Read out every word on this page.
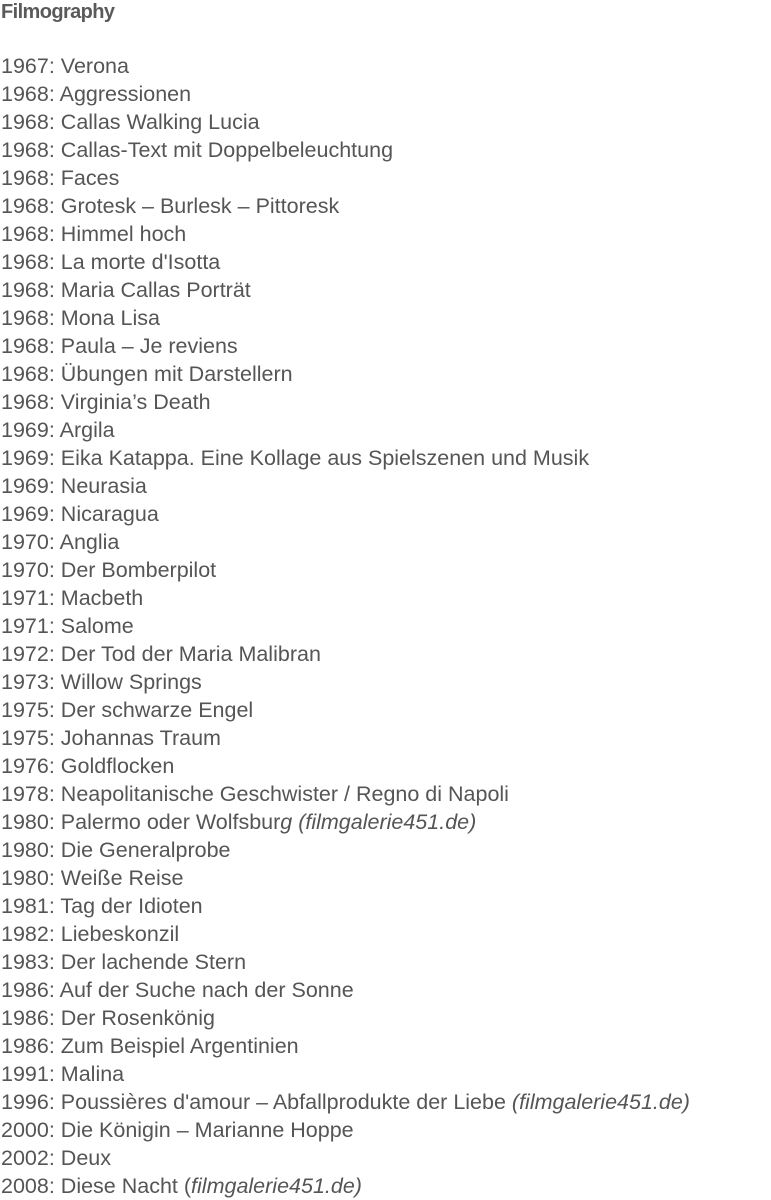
Filmography
1967: Verona
1968: Aggressionen
1968: Callas Walking Lucia
1968: Callas-Text mit Doppelbeleuchtung
1968: Faces
1968: Grotesk – Burlesk – Pittoresk
1968: Himmel hoch
1968: La morte d'Isotta
1968: Maria Callas Porträt
1968: Mona Lisa
1968: Paula – Je reviens
1968: Übungen mit Darstellern
1968: Virginia’s Death
1969: Argila
1969: Eika Katappa. Eine Kollage aus Spielszenen und Musik
1969: Neurasia
1969: Nicaragua
1970: Anglia
1970: Der Bomberpilot
1971: Macbeth
1971: Salome
1972: Der Tod der Maria Malibran
1973: Willow Springs
1975: Der schwarze Engel
1975: Johannas Traum
1976: Goldflocken
1978: Neapolitanische Geschwister / Regno di Napoli
1980: Palermo oder Wolfsburg (filmgalerie451.de)
1980: Die Generalprobe
1980: Weiße Reise
1981: Tag der Idioten
1982: Liebeskonzil
1983: Der lachende Stern
1986: Auf der Suche nach der Sonne
1986: Der Rosenkönig
1986: Zum Beispiel Argentinien
1991: Malina
1996: Poussières d'amour – Abfallprodukte der Liebe (filmgalerie451.de)
2000: Die Königin – Marianne Hoppe
2002: Deux
2008: Diese Nacht (filmgalerie451.de)
